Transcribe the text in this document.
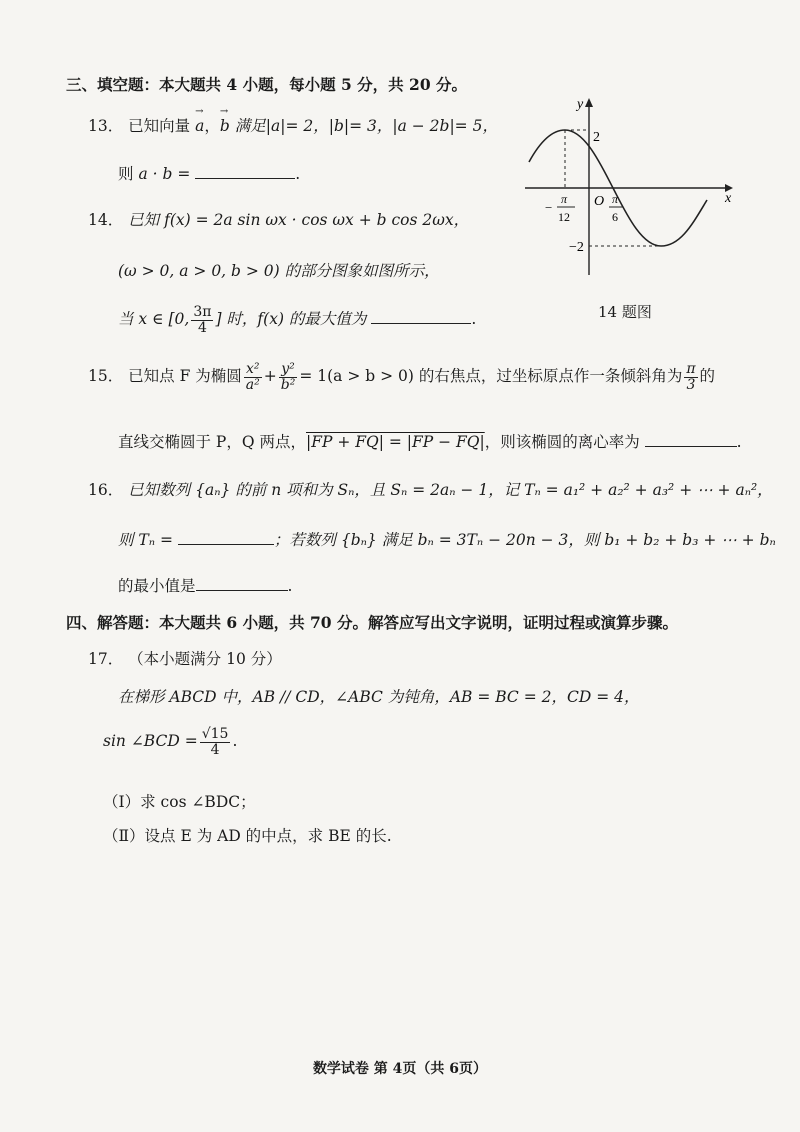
三、填空题：本大题共 4 小题，每小题 5 分，共 20 分。
13． 已知向量 → a，→ b 满足|a|= 2，|b|= 3，|a − 2b|= 5，
则 a · b =	.
14． 已知 f(x) = 2a sin ωx · cos ωx + b cos 2ωx，
(ω > 0, a > 0, b > 0) 的部分图象如图所示，
当 x ∈ [0, $\frac{3\pi}{4}$ ] 时，f(x) 的最大值为	.
y
x
2
−2
O
−
π
12
π
6
14 题图
15． 已知点 F 为椭圆 $\frac{\text{x²}}{\text{a²}} + \frac{\text{y²}}{\text{b²}} = 1(a > b > 0)$ 的右焦点，过坐标原点作一条倾斜角为 $\frac{\pi}{3}$ 的
直线交椭圆于 P，Q 两点，|FP + FQ| = |FP − FQ|，则该椭圆的离心率为	.
16． 已知数列 {aₙ} 的前 n 项和为 Sₙ，且 Sₙ = 2aₙ − 1，记 Tₙ = a₁² + a₂² + a₃² + ⋯ + aₙ²，
则 Tₙ =	；若数列 {bₙ} 满足 bₙ = 3Tₙ − 20n − 3，则 b₁ + b₂ + b₃ + ⋯ + bₙ
的最小值是	.
四、解答题：本大题共 6 小题，共 70 分。解答应写出文字说明，证明过程或演算步骤。
17． （本小题满分 10 分）
在梯形 ABCD 中，AB // CD，∠ABC 为钝角，AB = BC = 2，CD = 4，
sin ∠BCD = $\frac{√15}{4}$ .
（Ⅰ）求 cos ∠BDC；
（Ⅱ）设点 E 为 AD 的中点，求 BE 的长.
数学试卷 第 4页（共 6页）
